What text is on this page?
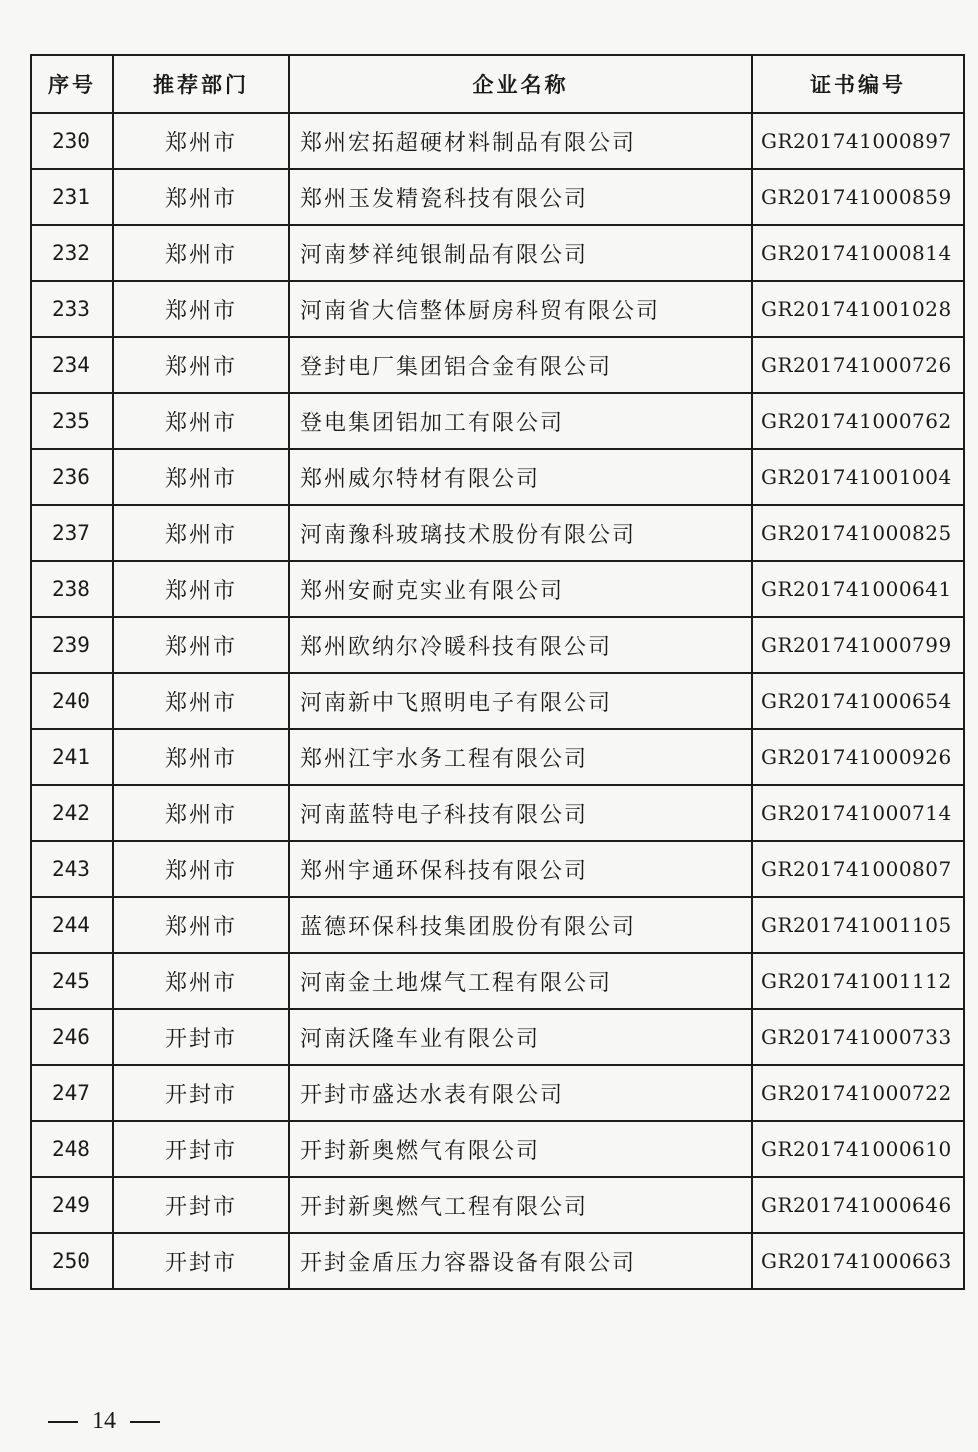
序号	推荐部门	企业名称	证书编号
230	郑州市	郑州宏拓超硬材料制品有限公司	GR201741000897
231	郑州市	郑州玉发精瓷科技有限公司	GR201741000859
232	郑州市	河南梦祥纯银制品有限公司	GR201741000814
233	郑州市	河南省大信整体厨房科贸有限公司	GR201741001028
234	郑州市	登封电厂集团铝合金有限公司	GR201741000726
235	郑州市	登电集团铝加工有限公司	GR201741000762
236	郑州市	郑州威尔特材有限公司	GR201741001004
237	郑州市	河南豫科玻璃技术股份有限公司	GR201741000825
238	郑州市	郑州安耐克实业有限公司	GR201741000641
239	郑州市	郑州欧纳尔冷暖科技有限公司	GR201741000799
240	郑州市	河南新中飞照明电子有限公司	GR201741000654
241	郑州市	郑州江宇水务工程有限公司	GR201741000926
242	郑州市	河南蓝特电子科技有限公司	GR201741000714
243	郑州市	郑州宇通环保科技有限公司	GR201741000807
244	郑州市	蓝德环保科技集团股份有限公司	GR201741001105
245	郑州市	河南金土地煤气工程有限公司	GR201741001112
246	开封市	河南沃隆车业有限公司	GR201741000733
247	开封市	开封市盛达水表有限公司	GR201741000722
248	开封市	开封新奥燃气有限公司	GR201741000610
249	开封市	开封新奥燃气工程有限公司	GR201741000646
250	开封市	开封金盾压力容器设备有限公司	GR201741000663
14
